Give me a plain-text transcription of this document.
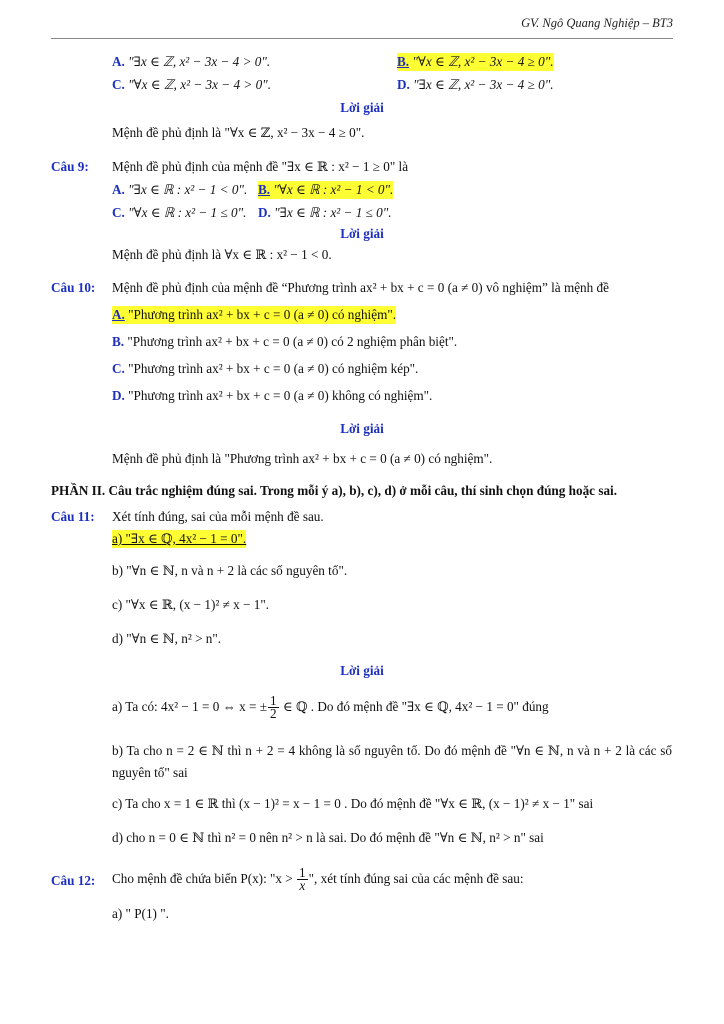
GV. Ngô Quang Nghiệp – BT3
A. "∃x ∈ ℤ, x² − 3x − 4 > 0".	B. "∀x ∈ ℤ, x² − 3x − 4 ≥ 0".
C. "∀x ∈ ℤ, x² − 3x − 4 > 0".	D. "∃x ∈ ℤ, x² − 3x − 4 ≥ 0".
Lời giải
Mệnh đề phủ định là "∀x ∈ ℤ, x² − 3x − 4 ≥ 0".
Câu 9: Mệnh đề phủ định của mệnh đề "∃x ∈ ℝ : x² − 1 ≥ 0" là
A. "∃x ∈ ℝ : x² − 1 < 0". B. "∀x ∈ ℝ : x² − 1 < 0".
C. "∀x ∈ ℝ : x² − 1 ≤ 0". D. "∃x ∈ ℝ : x² − 1 ≤ 0".
Lời giải
Mệnh đề phủ định là ∀x ∈ ℝ : x² − 1 < 0.
Câu 10: Mệnh đề phủ định của mệnh đề “Phương trình ax² + bx + c = 0 (a ≠ 0) vô nghiệm” là mệnh đề
A. "Phương trình ax² + bx + c = 0 (a ≠ 0) có nghiệm".
B. "Phương trình ax² + bx + c = 0 (a ≠ 0) có 2 nghiệm phân biệt".
C. "Phương trình ax² + bx + c = 0 (a ≠ 0) có nghiệm kép".
D. "Phương trình ax² + bx + c = 0 (a ≠ 0) không có nghiệm".
Lời giải
Mệnh đề phủ định là "Phương trình ax² + bx + c = 0 (a ≠ 0) có nghiệm".
PHẦN II. Câu trắc nghiệm đúng sai. Trong mỗi ý a), b), c), d) ở mỗi câu, thí sinh chọn đúng hoặc sai.
Câu 11: Xét tính đúng, sai của mỗi mệnh đề sau.
a) "∃x ∈ ℚ, 4x² − 1 = 0".
b) "∀n ∈ ℕ, n và n + 2 là các số nguyên tố".
c) "∀x ∈ ℝ, (x − 1)² ≠ x − 1".
d) "∀n ∈ ℕ, n² > n".
Lời giải
a) Ta có: 4x² − 1 = 0 ⇔ x = ± $\frac{1}{2}$ ∈ ℚ . Do đó mệnh đề "∃x ∈ ℚ, 4x² − 1 = 0" đúng
b) Ta cho n = 2 ∈ ℕ thì n + 2 = 4 không là số nguyên tố. Do đó mệnh đề "∀n ∈ ℕ, n và n + 2 là các số nguyên tố" sai
c) Ta cho x = 1 ∈ ℝ thì (x − 1)² = x − 1 = 0 . Do đó mệnh đề "∀x ∈ ℝ, (x − 1)² ≠ x − 1" sai
d) cho n = 0 ∈ ℕ thì n² = 0 nên n² > n là sai. Do đó mệnh đề "∀n ∈ ℕ, n² > n" sai
Câu 12: Cho mệnh đề chứa biến P(x): "$x > \frac{1}{x}$ ", xét tính đúng sai của các mệnh đề sau:
a) " P(1) ".
